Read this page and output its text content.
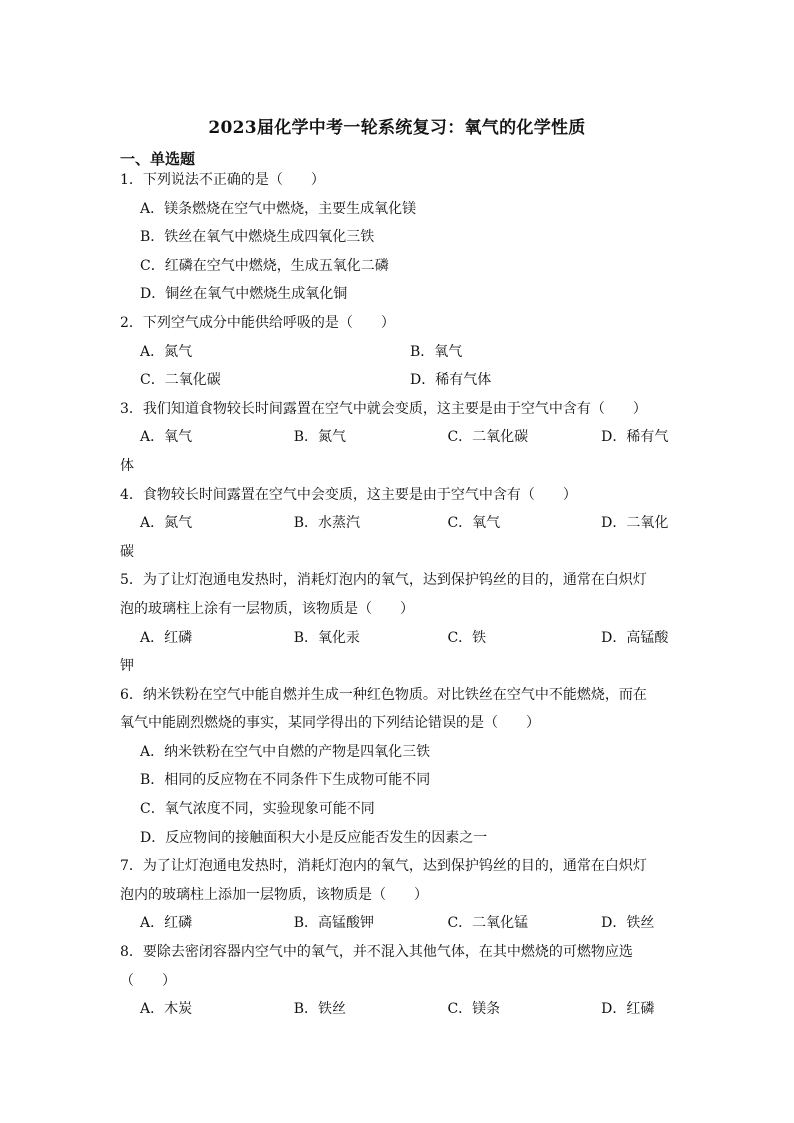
2023届化学中考一轮系统复习：氧气的化学性质
一、单选题
1．下列说法不正确的是（　　）
A．镁条燃烧在空气中燃烧，主要生成氧化镁
B．铁丝在氧气中燃烧生成四氧化三铁
C．红磷在空气中燃烧，生成五氧化二磷
D．铜丝在氧气中燃烧生成氧化铜
2．下列空气成分中能供给呼吸的是（　　）
A．氮气	B．氧气
C．二氧化碳	D．稀有气体
3．我们知道食物较长时间露置在空气中就会变质，这主要是由于空气中含有（　　）
A．氧气	B．氮气	C．二氧化碳	D．稀有气
体
4．食物较长时间露置在空气中会变质，这主要是由于空气中含有（　　）
A．氮气	B．水蒸汽	C．氧气	D．二氧化
碳
5．为了让灯泡通电发热时，消耗灯泡内的氧气，达到保护钨丝的目的，通常在白炽灯
泡的玻璃柱上涂有一层物质，该物质是（　　）
A．红磷	B．氧化汞	C．铁	D．高锰酸
钾
6．纳米铁粉在空气中能自燃并生成一种红色物质。对比铁丝在空气中不能燃烧，而在
氧气中能剧烈燃烧的事实，某同学得出的下列结论错误的是（　　）
A．纳米铁粉在空气中自燃的产物是四氧化三铁
B．相同的反应物在不同条件下生成物可能不同
C．氧气浓度不同，实验现象可能不同
D．反应物间的接触面积大小是反应能否发生的因素之一
7．为了让灯泡通电发热时，消耗灯泡内的氧气，达到保护钨丝的目的，通常在白炽灯
泡内的玻璃柱上添加一层物质，该物质是（　　）
A．红磷	B．高锰酸钾	C．二氧化锰	D．铁丝
8．要除去密闭容器内空气中的氧气，并不混入其他气体，在其中燃烧的可燃物应选
（　　）
A．木炭	B．铁丝	C．镁条	D．红磷
